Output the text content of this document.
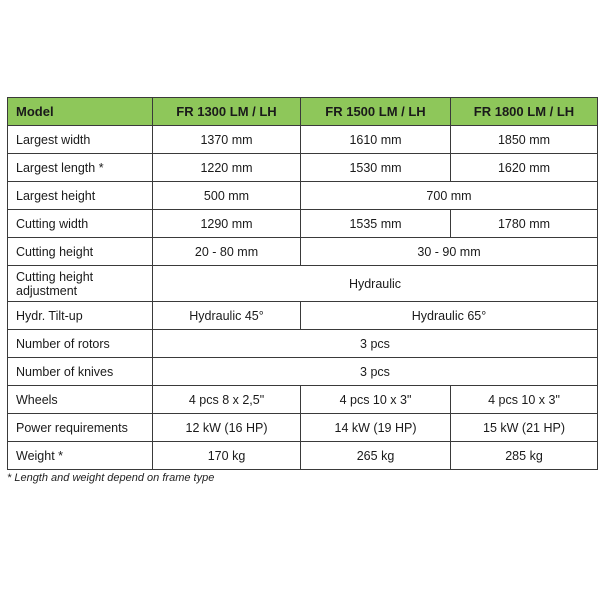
Model	FR 1300 LM / LH	FR 1500 LM / LH	FR 1800 LM / LH
Largest width	1370 mm	1610 mm	1850 mm
Largest length *	1220 mm	1530 mm	1620 mm
Largest height	500 mm	700 mm	
Cutting width	1290 mm	1535 mm	1780 mm
Cutting height	20 - 80 mm	30 - 90 mm	
Cutting height
adjustment	Hydraulic		
Hydr. Tilt-up	Hydraulic 45°	Hydraulic 65°	
Number of rotors	3 pcs		
Number of knives	3 pcs		
Wheels	4 pcs 8 x 2,5"	4 pcs 10 x 3"	4 pcs 10 x 3"
Power requirements	12 kW (16 HP)	14 kW (19 HP)	15 kW (21 HP)
Weight *	170 kg	265 kg	285 kg
* Length and weight depend on frame type
